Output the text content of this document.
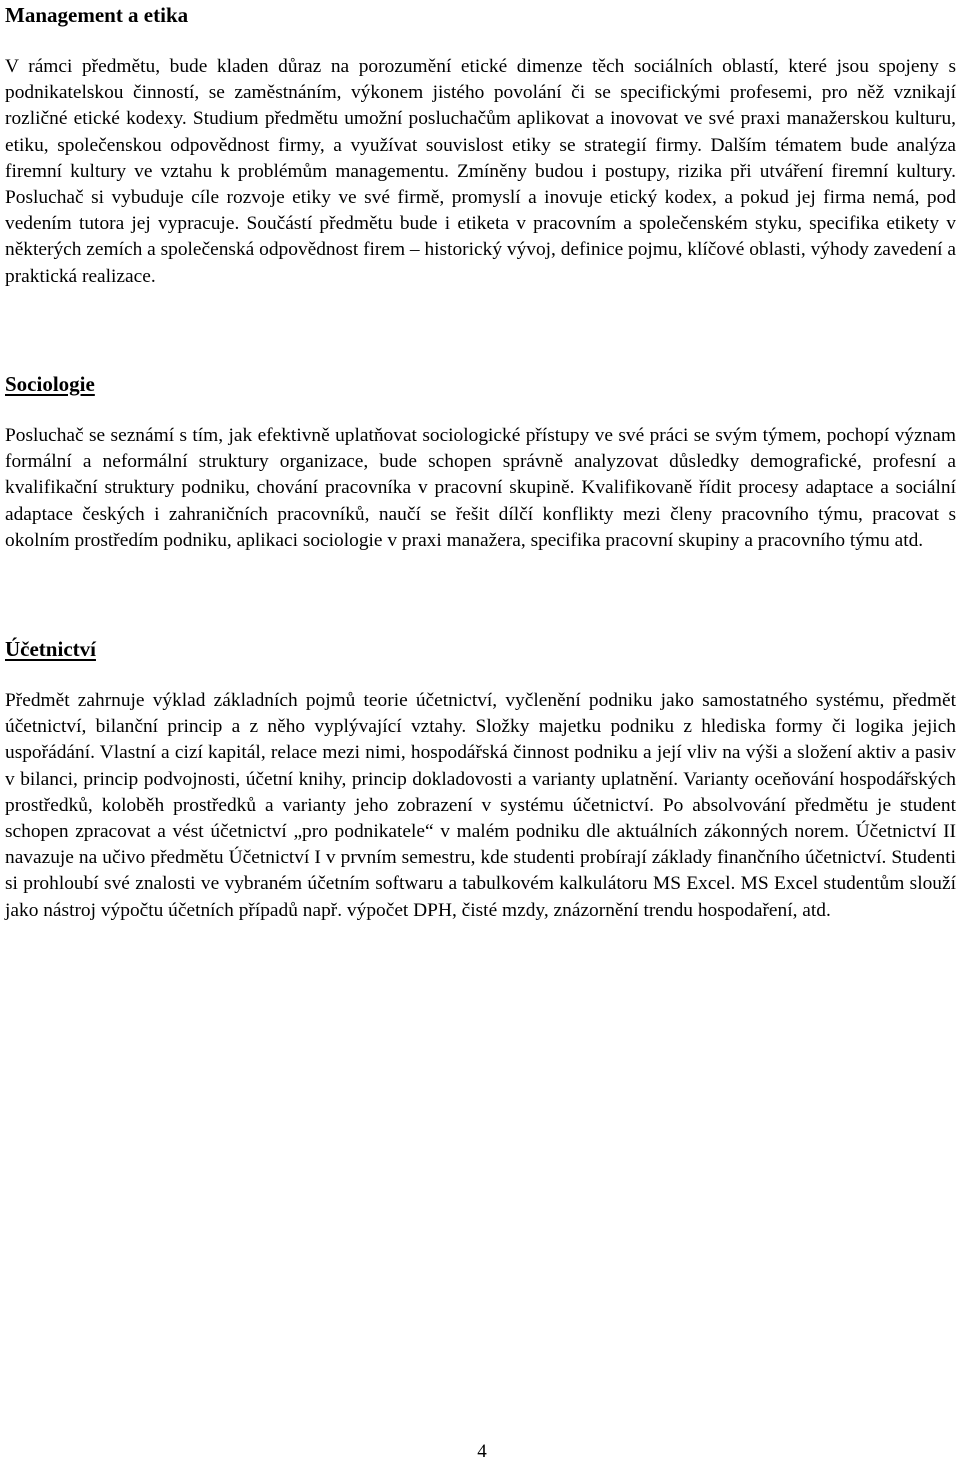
Management a etika

V rámci předmětu, bude kladen důraz na porozumění etické dimenze těch sociálních oblastí, které jsou spojeny s podnikatelskou činností, se zaměstnáním, výkonem jistého povolání či se specifickými profesemi, pro něž vznikají rozličné etické kodexy. Studium předmětu umožní posluchačům aplikovat a inovovat ve své praxi manažerskou kulturu, etiku, společenskou odpovědnost firmy, a využívat souvislost etiky se strategií firmy. Dalším tématem bude analýza firemní kultury ve vztahu k problémům managementu. Zmíněny budou i postupy, rizika při utváření firemní kultury. Posluchač si vybuduje cíle rozvoje etiky ve své firmě, promyslí a inovuje etický kodex, a pokud jej firma nemá, pod vedením tutora jej vypracuje. Součástí předmětu bude i etiketa v pracovním a společenském styku, specifika etikety v některých zemích a společenská odpovědnost firem – historický vývoj, definice pojmu, klíčové oblasti, výhody zavedení a praktická realizace.

Sociologie

Posluchač se seznámí s tím, jak efektivně uplatňovat sociologické přístupy ve své práci se svým týmem, pochopí význam formální a neformální struktury organizace, bude schopen správně analyzovat důsledky demografické, profesní a kvalifikační struktury podniku, chování pracovníka v pracovní skupině. Kvalifikovaně řídit procesy adaptace a sociální adaptace českých i zahraničních pracovníků, naučí se řešit dílčí konflikty mezi členy pracovního týmu, pracovat s okolním prostředím podniku, aplikaci sociologie v praxi manažera, specifika pracovní skupiny a pracovního týmu atd.

Účetnictví

Předmět zahrnuje výklad základních pojmů teorie účetnictví, vyčlenění podniku jako samostatného systému, předmět účetnictví, bilanční princip a z něho vyplývající vztahy. Složky majetku podniku z hlediska formy či logika jejich uspořádání. Vlastní a cizí kapitál, relace mezi nimi, hospodářská činnost podniku a její vliv na výši a složení aktiv a pasiv v bilanci, princip podvojnosti, účetní knihy, princip dokladovosti a varianty uplatnění. Varianty oceňování hospodářských prostředků, koloběh prostředků a varianty jeho zobrazení v systému účetnictví. Po absolvování předmětu je student schopen zpracovat a vést účetnictví „pro podnikatele“ v malém podniku dle aktuálních zákonných norem. Účetnictví II navazuje na učivo předmětu Účetnictví I v prvním semestru, kde studenti probírají základy finančního účetnictví. Studenti si prohloubí své znalosti ve vybraném účetním softwaru a tabulkovém kalkulátoru MS Excel. MS Excel studentům slouží jako nástroj výpočtu účetních případů např. výpočet DPH, čisté mzdy, znázornění trendu hospodaření, atd.

4
